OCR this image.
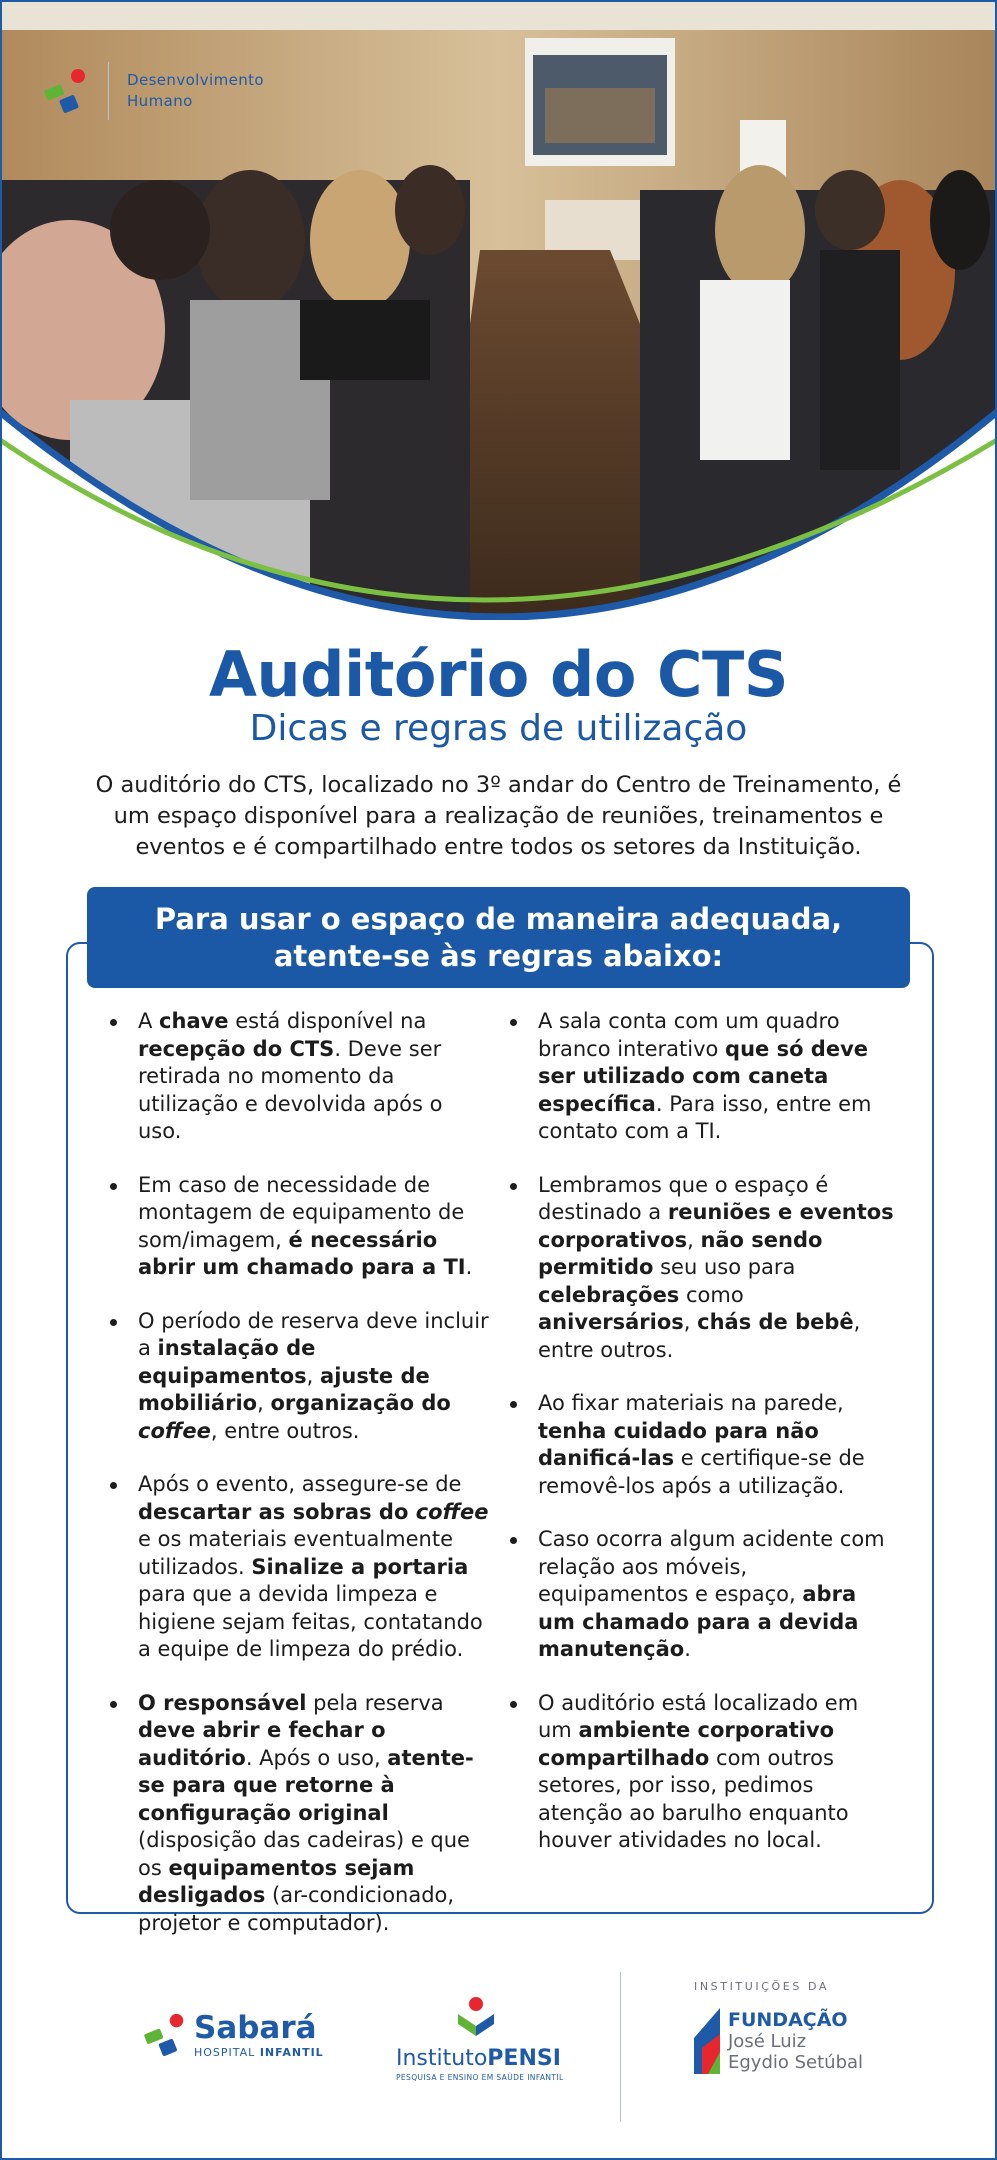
Desenvolvimento
Humano
Auditório do CTS
Dicas e regras de utilização
O auditório do CTS, localizado no 3º andar do Centro de Treinamento, é um espaço disponível para a realização de reuniões, treinamentos e eventos e é compartilhado entre todos os setores da Instituição.
Para usar o espaço de maneira adequada, atente-se às regras abaixo:
A chave está disponível na recepção do CTS. Deve ser retirada no momento da utilização e devolvida após o uso.
Em caso de necessidade de montagem de equipamento de som/imagem, é necessário abrir um chamado para a TI.
O período de reserva deve incluir a instalação de equipamentos, ajuste de mobiliário, organização do coffee, entre outros.
Após o evento, assegure-se de descartar as sobras do coffee e os materiais eventualmente utilizados. Sinalize a portaria para que a devida limpeza e higiene sejam feitas, contatando a equipe de limpeza do prédio.
O responsável pela reserva deve abrir e fechar o auditório. Após o uso, atente-se para que retorne à configuração original (disposição das cadeiras) e que os equipamentos sejam desligados (ar-condicionado, projetor e computador).
A sala conta com um quadro branco interativo que só deve ser utilizado com caneta específica. Para isso, entre em contato com a TI.
Lembramos que o espaço é destinado a reuniões e eventos corporativos, não sendo permitido seu uso para celebrações como aniversários, chás de bebê, entre outros.
Ao fixar materiais na parede, tenha cuidado para não danificá-las e certifique-se de removê-los após a utilização.
Caso ocorra algum acidente com relação aos móveis, equipamentos e espaço, abra um chamado para a devida manutenção.
O auditório está localizado em um ambiente corporativo compartilhado com outros setores, por isso, pedimos atenção ao barulho enquanto houver atividades no local.
Sabará
HOSPITAL INFANTIL	InstitutoPENSI
PESQUISA E ENSINO EM SAÚDE INFANTIL
INSTITUIÇÕES DA
FUNDAÇÃO
José Luiz
Egydio Setúbal
